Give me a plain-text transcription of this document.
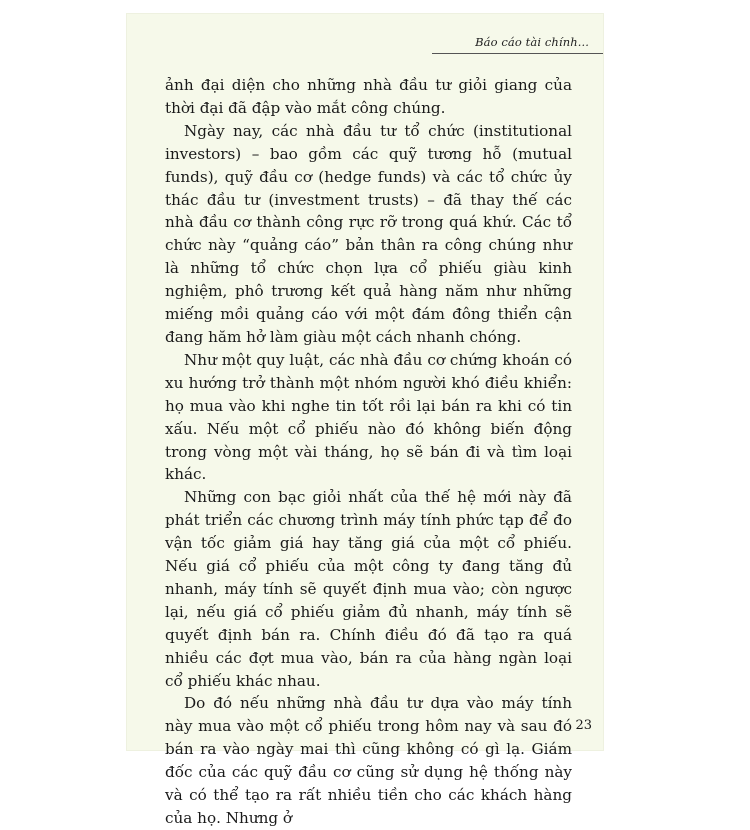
Báo cáo tài chính...

ảnh đại diện cho những nhà đầu tư giỏi giang của thời đại đã đập vào mắt công chúng.

Ngày nay, các nhà đầu tư tổ chức (institutional investors) – bao gồm các quỹ tương hỗ (mutual funds), quỹ đầu cơ (hedge funds) và các tổ chức ủy thác đầu tư (investment trusts) – đã thay thế các nhà đầu cơ thành công rực rỡ trong quá khứ. Các tổ chức này “quảng cáo” bản thân ra công chúng như là những tổ chức chọn lựa cổ phiếu giàu kinh nghiệm, phô trương kết quả hàng năm như những miếng mồi quảng cáo với một đám đông thiển cận đang hăm hở làm giàu một cách nhanh chóng.

Như một quy luật, các nhà đầu cơ chứng khoán có xu hướng trở thành một nhóm người khó điều khiển: họ mua vào khi nghe tin tốt rồi lại bán ra khi có tin xấu. Nếu một cổ phiếu nào đó không biến động trong vòng một vài tháng, họ sẽ bán đi và tìm loại khác.

Những con bạc giỏi nhất của thế hệ mới này đã phát triển các chương trình máy tính phức tạp để đo vận tốc giảm giá hay tăng giá của một cổ phiếu. Nếu giá cổ phiếu của một công ty đang tăng đủ nhanh, máy tính sẽ quyết định mua vào; còn ngược lại, nếu giá cổ phiếu giảm đủ nhanh, máy tính sẽ quyết định bán ra. Chính điều đó đã tạo ra quá nhiều các đợt mua vào, bán ra của hàng ngàn loại cổ phiếu khác nhau.

Do đó nếu những nhà đầu tư dựa vào máy tính này mua vào một cổ phiếu trong hôm nay và sau đó bán ra vào ngày mai thì cũng không có gì lạ. Giám đốc của các quỹ đầu cơ cũng sử dụng hệ thống này và có thể tạo ra rất nhiều tiền cho các khách hàng của họ. Nhưng ở

23
